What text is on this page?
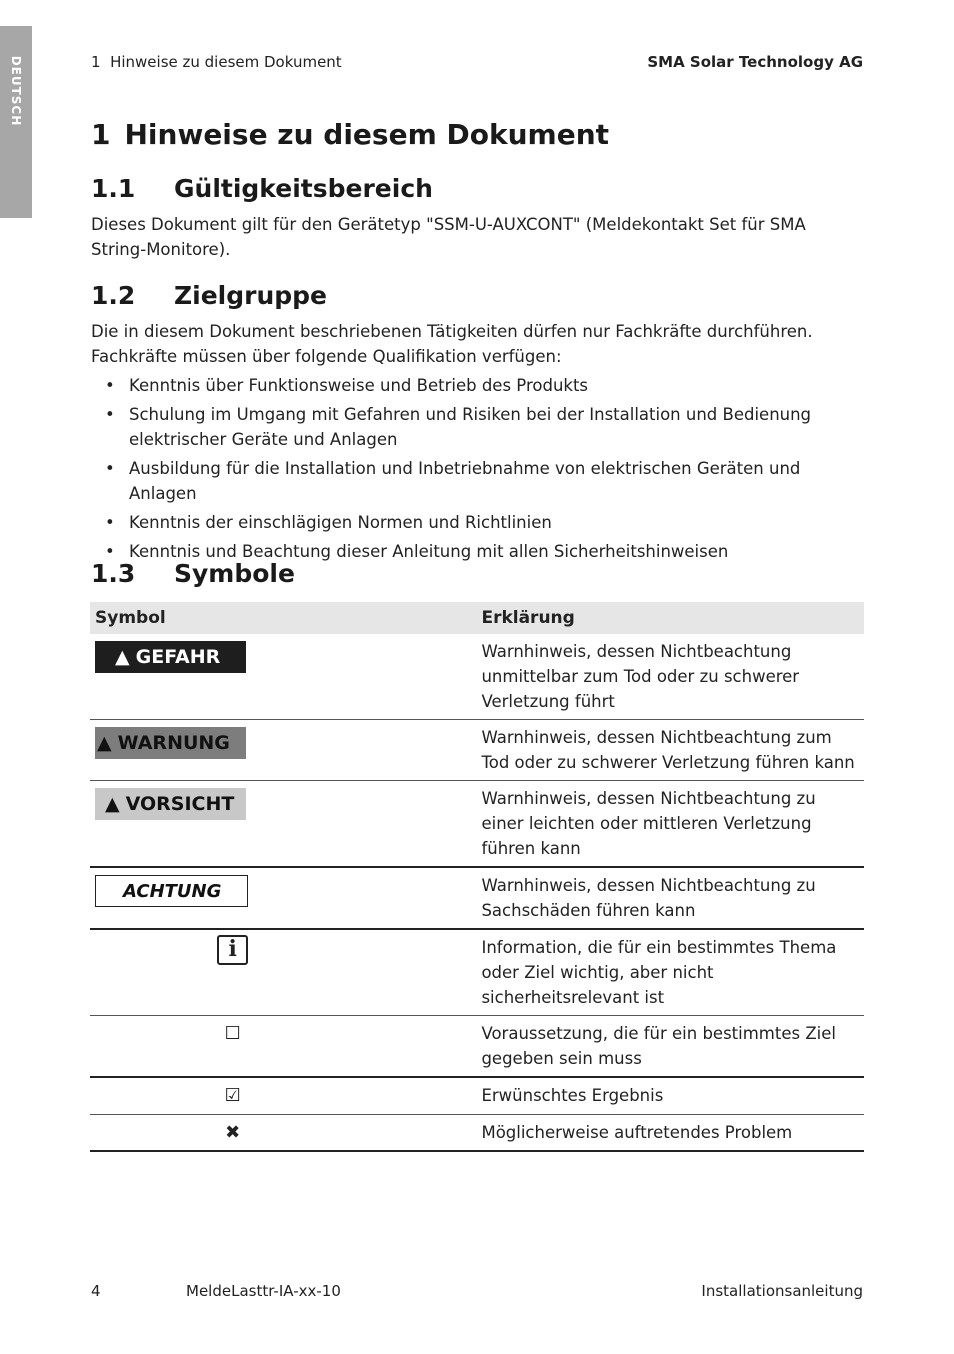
DEUTSCH	1  Hinweise zu diesem Dokument	SMA Solar Technology AG
1 Hinweise zu diesem Dokument
1.1	Gültigkeitsbereich
Dieses Dokument gilt für den Gerätetyp "SSM-U-AUXCONT" (Meldekontakt Set für SMA String-Monitore).
1.2	Zielgruppe
Die in diesem Dokument beschriebenen Tätigkeiten dürfen nur Fachkräfte durchführen. Fachkräfte müssen über folgende Qualifikation verfügen:
• Kenntnis über Funktionsweise und Betrieb des Produkts
• Schulung im Umgang mit Gefahren und Risiken bei der Installation und Bedienung elektrischer Geräte und Anlagen
• Ausbildung für die Installation und Inbetriebnahme von elektrischen Geräten und Anlagen
• Kenntnis der einschlägigen Normen und Richtlinien
• Kenntnis und Beachtung dieser Anleitung mit allen Sicherheitshinweisen
1.3	Symbole
Symbol	Erklärung

▲ GEFAHR	Warnhinweis, dessen Nichtbeachtung unmittelbar zum Tod oder zu schwerer Verletzung führt

▲ WARNUNG	Warnhinweis, dessen Nichtbeachtung zum Tod oder zu schwerer Verletzung führen kann

▲ VORSICHT	Warnhinweis, dessen Nichtbeachtung zu einer leichten oder mittleren Verletzung führen kann

ACHTUNG	Warnhinweis, dessen Nichtbeachtung zu Sachschäden führen kann
i	Information, die für ein bestimmtes Thema oder Ziel wichtig, aber nicht sicherheitsrelevant ist
☐	Voraussetzung, die für ein bestimmtes Ziel gegeben sein muss
☑	Erwünschtes Ergebnis
✖	Möglicherweise auftretendes Problem
4	MeldeLasttr-IA-xx-10	Installationsanleitung
